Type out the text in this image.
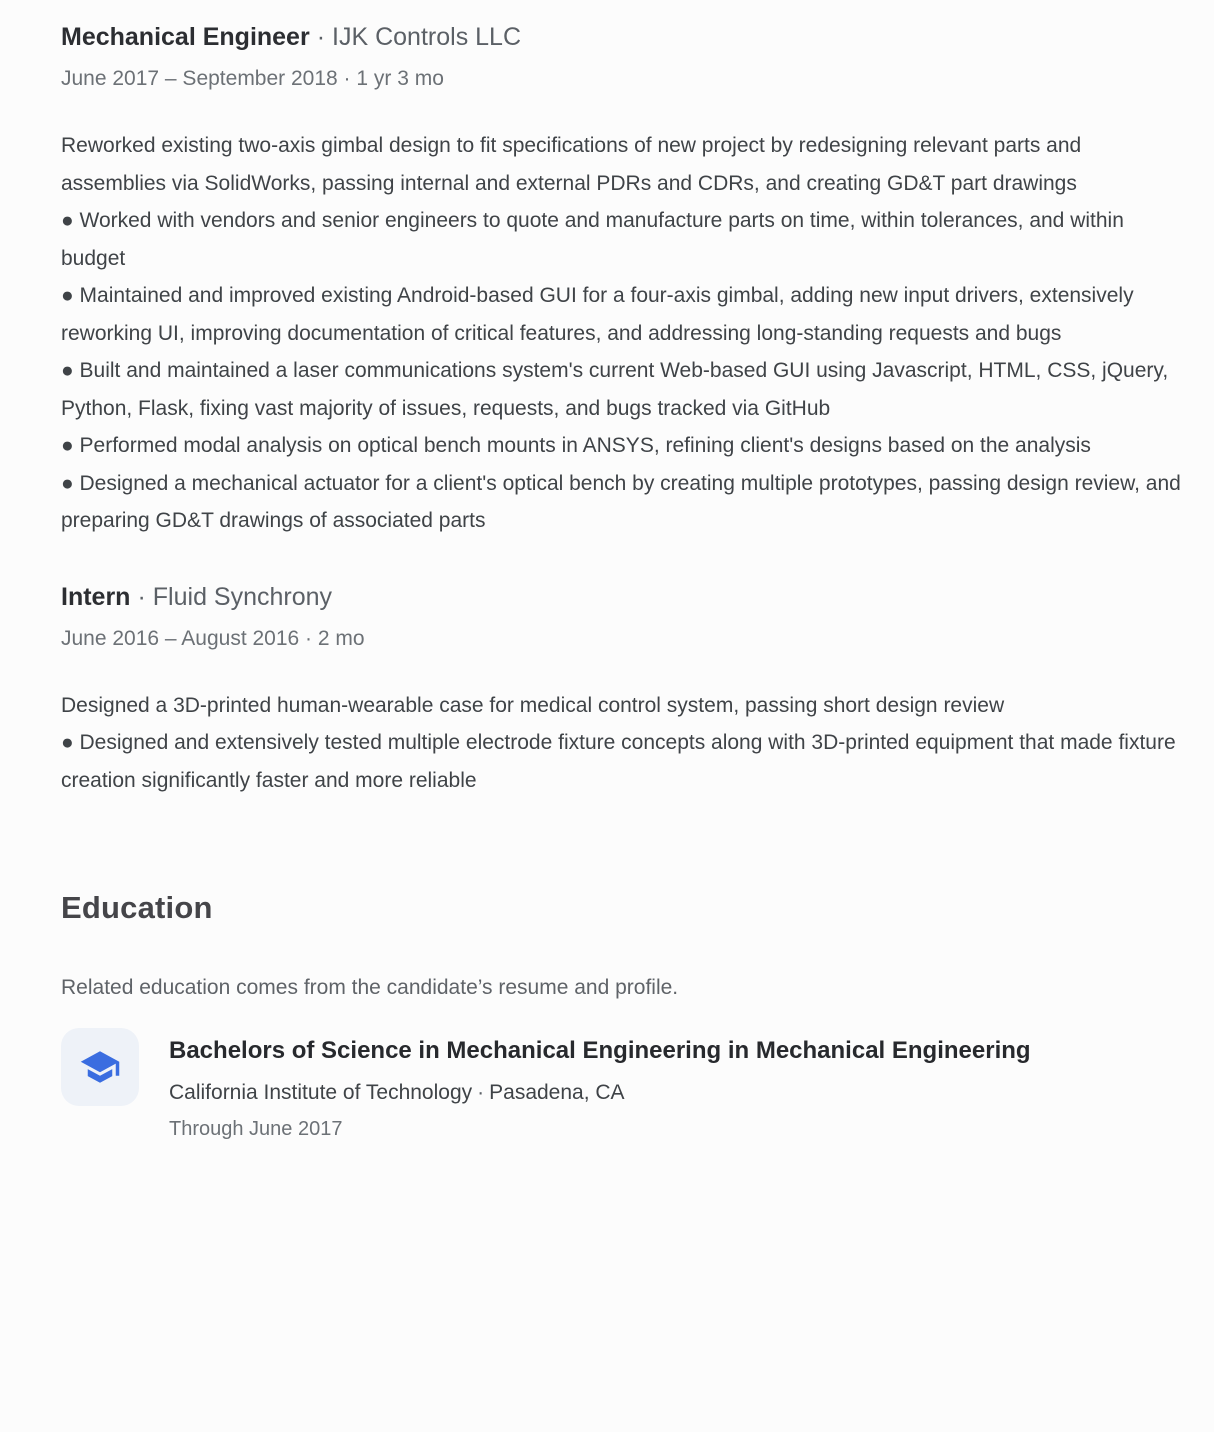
Mechanical Engineer · IJK Controls LLC
June 2017 – September 2018 · 1 yr 3 mo

Reworked existing two-axis gimbal design to fit specifications of new project by redesigning relevant parts and assemblies via SolidWorks, passing internal and external PDRs and CDRs, and creating GD&T part drawings

● Worked with vendors and senior engineers to quote and manufacture parts on time, within tolerances, and within budget

● Maintained and improved existing Android-based GUI for a four-axis gimbal, adding new input drivers, extensively reworking UI, improving documentation of critical features, and addressing long-standing requests and bugs

● Built and maintained a laser communications system's current Web-based GUI using Javascript, HTML, CSS, jQuery, Python, Flask, fixing vast majority of issues, requests, and bugs tracked via GitHub

● Performed modal analysis on optical bench mounts in ANSYS, refining client's designs based on the analysis

● Designed a mechanical actuator for a client's optical bench by creating multiple prototypes, passing design review, and preparing GD&T drawings of associated parts

Intern · Fluid Synchrony
June 2016 – August 2016 · 2 mo

Designed a 3D-printed human-wearable case for medical control system, passing short design review

● Designed and extensively tested multiple electrode fixture concepts along with 3D-printed equipment that made fixture creation significantly faster and more reliable

Education

Related education comes from the candidate’s resume and profile.

Bachelors of Science in Mechanical Engineering in Mechanical Engineering
California Institute of Technology · Pasadena, CA
Through June 2017
